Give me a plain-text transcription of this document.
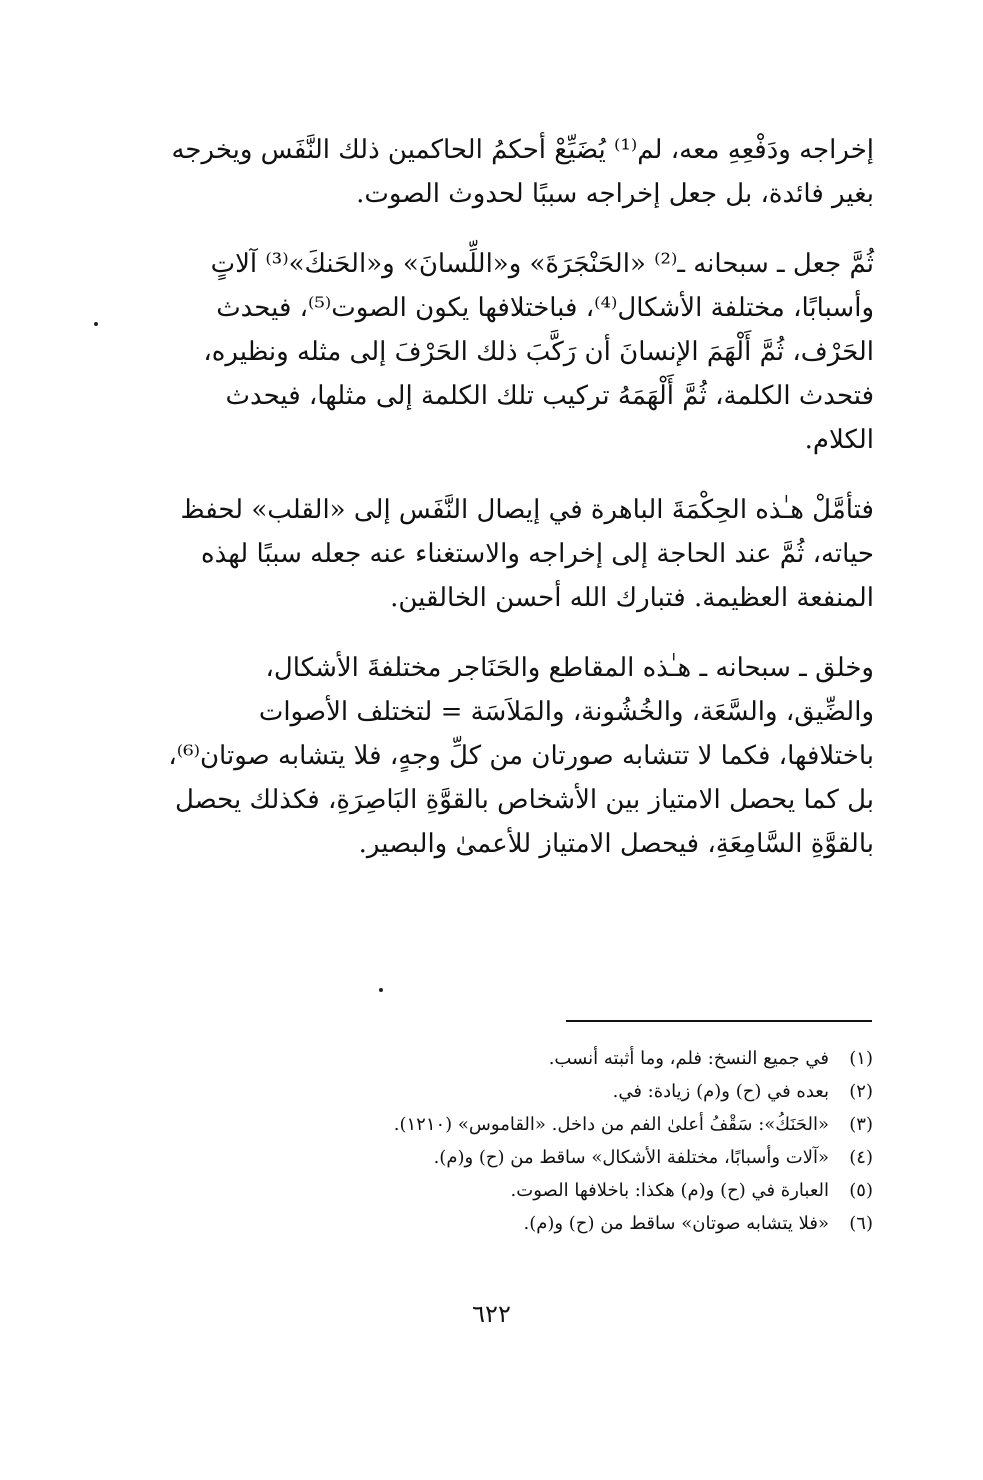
إخراجه ودَفْعِهِ معه، لم⁽¹⁾ يُضَيِّعْ أحكمُ الحاكمين ذلك النَّفَس ويخرجه

بغير فائدة، بل جعل إخراجه سببًا لحدوث الصوت.

ثُمَّ جعل ـ سبحانه ـ⁽²⁾ «الحَنْجَرَةَ» و«اللِّسانَ» و«الحَنكَ»⁽³⁾ آلاتٍ

وأسبابًا، مختلفة الأشكال⁽⁴⁾، فباختلافها يكون الصوت⁽⁵⁾، فيحدث

الحَرْف، ثُمَّ أَلْهَمَ الإنسانَ أن رَكَّبَ ذلك الحَرْفَ إلى مثله ونظيره،

فتحدث الكلمة، ثُمَّ أَلْهَمَهُ تركيب تلك الكلمة إلى مثلها، فيحدث

الكلام.

فتأمَّلْ هـٰذه الحِكْمَةَ الباهرة في إيصال النَّفَس إلى «القلب» لحفظ

حياته، ثُمَّ عند الحاجة إلى إخراجه والاستغناء عنه جعله سببًا لهذه

المنفعة العظيمة. فتبارك الله أحسن الخالقين.

وخلق ـ سبحانه ـ هـٰذه المقاطع والحَنَاجر مختلفةَ الأشكال،

والضِّيق، والسَّعَة، والخُشُونة، والمَلاَسَة = لتختلف الأصوات

باختلافها، فكما لا تتشابه صورتان من كلِّ وجهٍ، فلا يتشابه صوتان⁽⁶⁾،

بل كما يحصل الامتياز بين الأشخاص بالقوَّةِ البَاصِرَةِ، فكذلك يحصل

بالقوَّةِ السَّامِعَةِ، فيحصل الامتياز للأعمىٰ والبصير.

(١)
في جميع النسخ: فلم، وما أثبته أنسب.
(٢)
بعده في (ح) و(م) زيادة: في.
(٣)
«الحَنَكُ»: سَقْفُ أعلىٰ الفم من داخل. «القاموس» (١٢١٠).
(٤)
«آلات وأسبابًا، مختلفة الأشكال» ساقط من (ح) و(م).
(٥)
العبارة في (ح) و(م) هكذا: باخلافها الصوت.
(٦)
«فلا يتشابه صوتان» ساقط من (ح) و(م).
٦٢٢
